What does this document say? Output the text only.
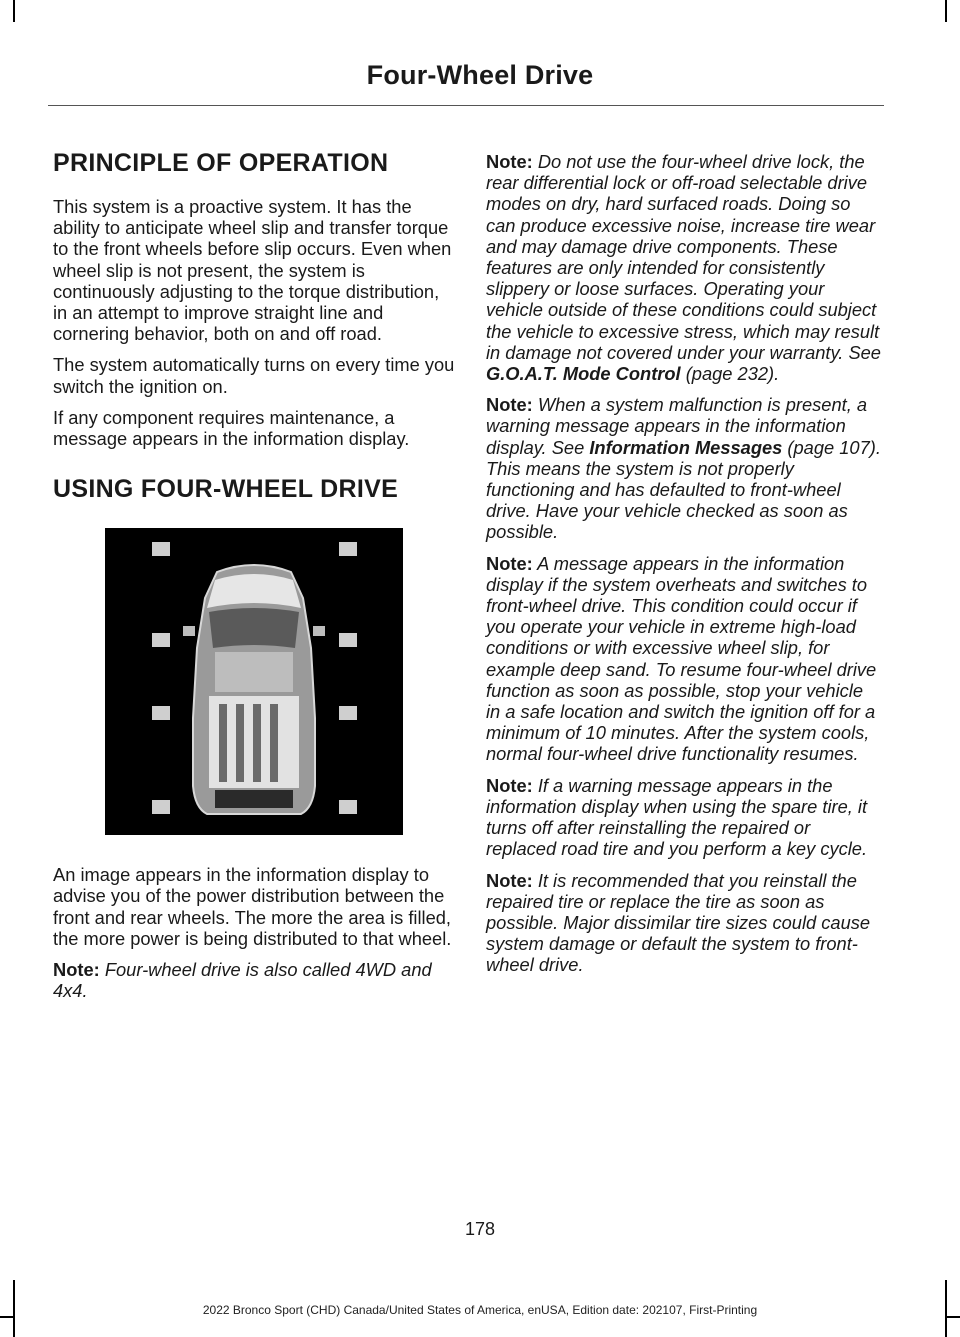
Four-Wheel Drive
PRINCIPLE OF OPERATION

This system is a proactive system. It has the ability to anticipate wheel slip and transfer torque to the front wheels before slip occurs. Even when wheel slip is not present, the system is continuously adjusting to the torque distribution, in an attempt to improve straight line and cornering behavior, both on and off road.

The system automatically turns on every time you switch the ignition on.

If any component requires maintenance, a message appears in the information display.

USING FOUR-WHEEL DRIVE

An image appears in the information display to advise you of the power distribution between the front and rear wheels. The more the area is filled, the more power is being distributed to that wheel.

Note: Four-wheel drive is also called 4WD and 4x4.

Note: Do not use the four-wheel drive lock, the rear differential lock or off-road selectable drive modes on dry, hard surfaced roads. Doing so can produce excessive noise, increase tire wear and may damage drive components. These features are only intended for consistently slippery or loose surfaces. Operating your vehicle outside of these conditions could subject the vehicle to excessive stress, which may result in damage not covered under your warranty. See G.O.A.T. Mode Control (page 232).

Note: When a system malfunction is present, a warning message appears in the information display. See Information Messages (page 107). This means the system is not properly functioning and has defaulted to front-wheel drive. Have your vehicle checked as soon as possible.

Note: A message appears in the information display if the system overheats and switches to front-wheel drive. This condition could occur if you operate your vehicle in extreme high-load conditions or with excessive wheel slip, for example deep sand. To resume four-wheel drive function as soon as possible, stop your vehicle in a safe location and switch the ignition off for a minimum of 10 minutes. After the system cools, normal four-wheel drive functionality resumes.

Note: If a warning message appears in the information display when using the spare tire, it turns off after reinstalling the repaired or replaced road tire and you perform a key cycle.

Note: It is recommended that you reinstall the repaired tire or replace the tire as soon as possible. Major dissimilar tire sizes could cause system damage or default the system to front-wheel drive.

178
2022 Bronco Sport (CHD) Canada/United States of America, enUSA, Edition date: 202107, First-Printing
